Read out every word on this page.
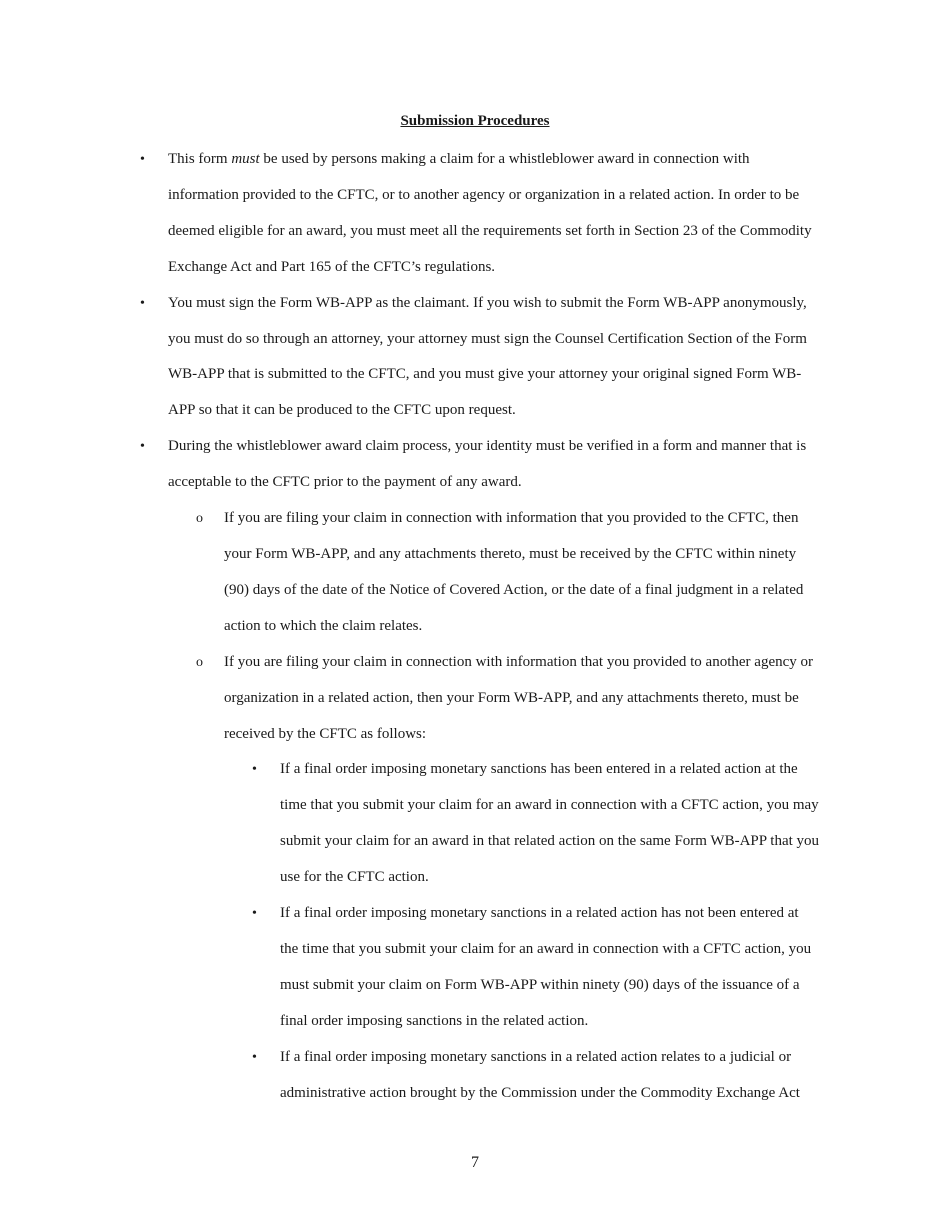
Submission Procedures
• This form must be used by persons making a claim for a whistleblower award in connection with
information provided to the CFTC, or to another agency or organization in a related action. In order to be
deemed eligible for an award, you must meet all the requirements set forth in Section 23 of the Commodity
Exchange Act and Part 165 of the CFTC’s regulations.
• You must sign the Form WB-APP as the claimant. If you wish to submit the Form WB-APP anonymously,
you must do so through an attorney, your attorney must sign the Counsel Certification Section of the Form
WB-APP that is submitted to the CFTC, and you must give your attorney your original signed Form WB-
APP so that it can be produced to the CFTC upon request.
• During the whistleblower award claim process, your identity must be verified in a form and manner that is
acceptable to the CFTC prior to the payment of any award.
o If you are filing your claim in connection with information that you provided to the CFTC, then
your Form WB-APP, and any attachments thereto, must be received by the CFTC within ninety
(90) days of the date of the Notice of Covered Action, or the date of a final judgment in a related
action to which the claim relates.
o If you are filing your claim in connection with information that you provided to another agency or
organization in a related action, then your Form WB-APP, and any attachments thereto, must be
received by the CFTC as follows:
• If a final order imposing monetary sanctions has been entered in a related action at the
time that you submit your claim for an award in connection with a CFTC action, you may
submit your claim for an award in that related action on the same Form WB-APP that you
use for the CFTC action.
• If a final order imposing monetary sanctions in a related action has not been entered at
the time that you submit your claim for an award in connection with a CFTC action, you
must submit your claim on Form WB-APP within ninety (90) days of the issuance of a
final order imposing sanctions in the related action.
• If a final order imposing monetary sanctions in a related action relates to a judicial or
administrative action brought by the Commission under the Commodity Exchange Act
7
